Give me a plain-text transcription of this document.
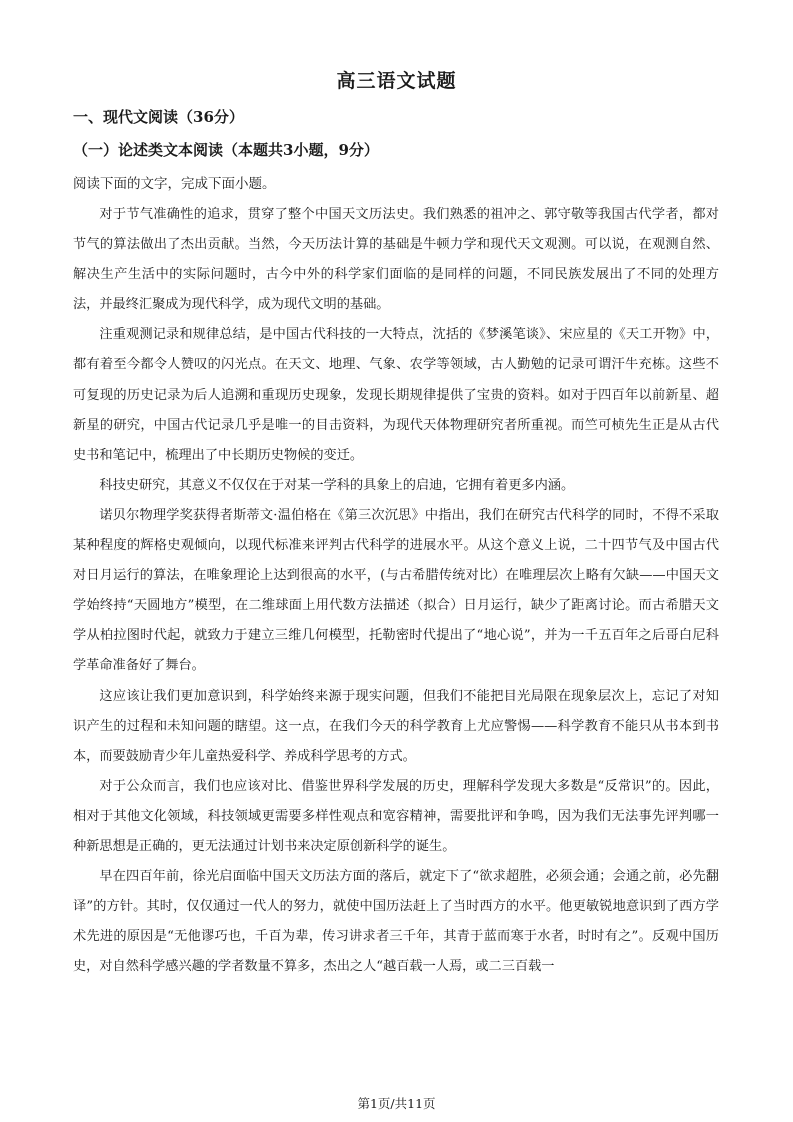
高三语文试题
一、现代文阅读（36分）
（一）论述类文本阅读（本题共3小题，9分）
阅读下面的文字，完成下面小题。

对于节气准确性的追求，贯穿了整个中国天文历法史。我们熟悉的祖冲之、郭守敬等我国古代学者，都对节气的算法做出了杰出贡献。当然，今天历法计算的基础是牛顿力学和现代天文观测。可以说，在观测自然、解决生产生活中的实际问题时，古今中外的科学家们面临的是同样的问题，不同民族发展出了不同的处理方法，并最终汇聚成为现代科学，成为现代文明的基础。

注重观测记录和规律总结，是中国古代科技的一大特点，沈括的《梦溪笔谈》、宋应星的《天工开物》中，都有着至今都令人赞叹的闪光点。在天文、地理、气象、农学等领域，古人勤勉的记录可谓汗牛充栋。这些不可复现的历史记录为后人追溯和重现历史现象，发现长期规律提供了宝贵的资料。如对于四百年以前新星、超新星的研究，中国古代记录几乎是唯一的目击资料，为现代天体物理研究者所重视。而竺可桢先生正是从古代史书和笔记中，梳理出了中长期历史物候的变迁。

科技史研究，其意义不仅仅在于对某一学科的具象上的启迪，它拥有着更多内涵。

诺贝尔物理学奖获得者斯蒂文·温伯格在《第三次沉思》中指出，我们在研究古代科学的同时，不得不采取某种程度的辉格史观倾向，以现代标准来评判古代科学的进展水平。从这个意义上说，二十四节气及中国古代对日月运行的算法，在唯象理论上达到很高的水平，(与古希腊传统对比）在唯理层次上略有欠缺——中国天文学始终持“天圆地方”模型，在二维球面上用代数方法描述（拟合）日月运行，缺少了距离讨论。而古希腊天文学从柏拉图时代起，就致力于建立三维几何模型，托勒密时代提出了“地心说”，并为一千五百年之后哥白尼科学革命准备好了舞台。

这应该让我们更加意识到，科学始终来源于现实问题，但我们不能把目光局限在现象层次上，忘记了对知识产生的过程和未知问题的瞎望。这一点，在我们今天的科学教育上尤应警惕——科学教育不能只从书本到书本，而要鼓励青少年儿童热爱科学、养成科学思考的方式。

对于公众而言，我们也应该对比、借鉴世界科学发展的历史，理解科学发现大多数是“反常识”的。因此，相对于其他文化领域，科技领域更需要多样性观点和宽容精神，需要批评和争鸣，因为我们无法事先评判哪一种新思想是正确的，更无法通过计划书来决定原创新科学的诞生。

早在四百年前，徐光启面临中国天文历法方面的落后，就定下了“欲求超胜，必须会通；会通之前，必先翻译”的方针。其时，仅仅通过一代人的努力，就使中国历法赶上了当时西方的水平。他更敏锐地意识到了西方学术先进的原因是“无他谬巧也，千百为辈，传习讲求者三千年，其青于蓝而寒于水者，时时有之”。反观中国历史，对自然科学感兴趣的学者数量不算多，杰出之人“越百载一人焉，或二三百载一

第1页/共11页
